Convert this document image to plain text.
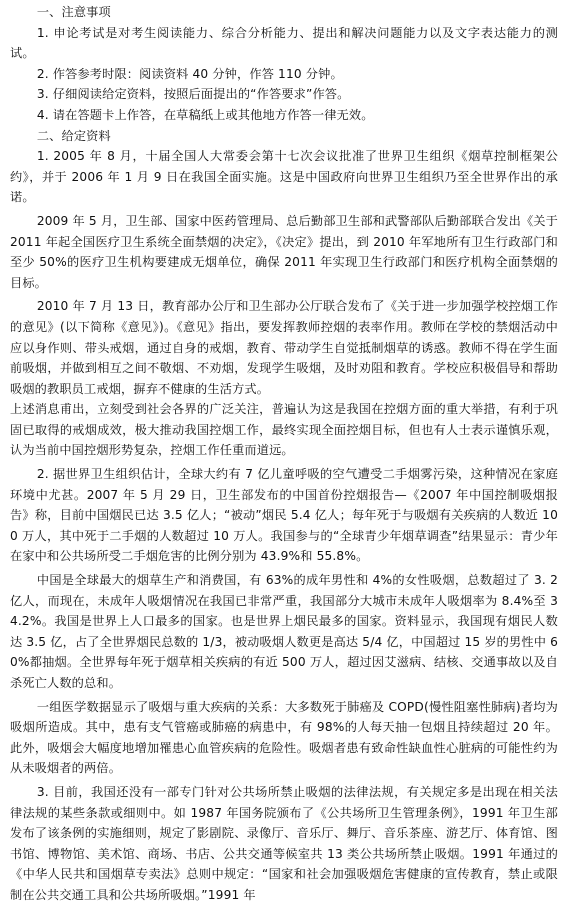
一、注意事项

1. 申论考试是对考生阅读能力、综合分析能力、提出和解决问题能力以及文字表达能力的测试。

2. 作答参考时限：阅读资料 40 分钟，作答 110 分钟。

3. 仔细阅读给定资料，按照后面提出的“作答要求”作答。

4. 请在答题卡上作答，在草稿纸上或其他地方作答一律无效。

二、给定资料

1. 2005 年 8 月，十届全国人大常委会第十七次会议批准了世界卫生组织《烟草控制框架公约》，并于 2006 年 1 月 9 日在我国全面实施。这是中国政府向世界卫生组织乃至全世界作出的承诺。

2009 年 5 月，卫生部、国家中医药管理局、总后勤部卫生部和武警部队后勤部联合发出《关于 2011 年起全国医疗卫生系统全面禁烟的决定》，《决定》提出，到 2010 年军地所有卫生行政部门和至少 50%的医疗卫生机构要建成无烟单位，确保 2011 年实现卫生行政部门和医疗机构全面禁烟的目标。

2010 年 7 月 13 日，教育部办公厅和卫生部办公厅联合发布了《关于进一步加强学校控烟工作的意见》(以下简称《意见》)。《意见》指出，要发挥教师控烟的表率作用。教师在学校的禁烟活动中应以身作则、带头戒烟，通过自身的戒烟，教育、带动学生自觉抵制烟草的诱惑。教师不得在学生面前吸烟，并做到相互之间不敬烟、不劝烟，发现学生吸烟，及时劝阻和教育。学校应积极倡导和帮助吸烟的教职员工戒烟，摒弃不健康的生活方式。

上述消息甫出，立刻受到社会各界的广泛关注，普遍认为这是我国在控烟方面的重大举措，有利于巩固已取得的戒烟成效，极大推动我国控烟工作，最终实现全面控烟目标，但也有人士表示谨慎乐观，认为当前中国控烟形势复杂，控烟工作任重而道远。

2. 据世界卫生组织估计，全球大约有 7 亿儿童呼吸的空气遭受二手烟雾污染，这种情况在家庭环境中尤甚。2007 年 5 月 29 日，卫生部发布的中国首份控烟报告—《2007 年中国控制吸烟报告》称，目前中国烟民已达 3.5 亿人；“被动”烟民 5.4 亿人；每年死于与吸烟有关疾病的人数近 100 万人，其中死于二手烟的人数超过 10 万人。我国参与的“全球青少年烟草调查”结果显示：青少年在家中和公共场所受二手烟危害的比例分别为 43.9%和 55.8%。

中国是全球最大的烟草生产和消费国，有 63%的成年男性和 4%的女性吸烟，总数超过了 3. 2 亿人，而现在，未成年人吸烟情况在我国已非常严重，我国部分大城市未成年人吸烟率为 8.4%至 34.2%。我国是世界上人口最多的国家。也是世界上烟民最多的国家。资料显示，我国现有烟民人数达 3.5 亿，占了全世界烟民总数的 1/3，被动吸烟人数更是高达 5/4 亿，中国超过 15 岁的男性中 60%都抽烟。全世界每年死于烟草相关疾病的有近 500 万人，超过因艾滋病、结核、交通事故以及自杀死亡人数的总和。

一组医学数据显示了吸烟与重大疾病的关系：大多数死于肺癌及 COPD(慢性阻塞性肺病)者均为吸烟所造成。其中，患有支气管癌或肺癌的病患中，有 98%的人每天抽一包烟且持续超过 20 年。此外，吸烟会大幅度地增加罹患心血管疾病的危险性。吸烟者患有致命性缺血性心脏病的可能性约为从未吸烟者的两倍。

3. 目前，我国还没有一部专门针对公共场所禁止吸烟的法律法规，有关规定多是出现在相关法律法规的某些条款或细则中。如 1987 年国务院颁布了《公共场所卫生管理条例》，1991 年卫生部发布了该条例的实施细则，规定了影剧院、录像厅、音乐厅、舞厅、音乐茶座、游艺厅、体育馆、图书馆、博物馆、美术馆、商场、书店、公共交通等候室共 13 类公共场所禁止吸烟。1991 年通过的《中华人民共和国烟草专卖法》总则中规定：“国家和社会加强吸烟危害健康的宣传教育，禁止或限制在公共交通工具和公共场所吸烟。”1991 年
